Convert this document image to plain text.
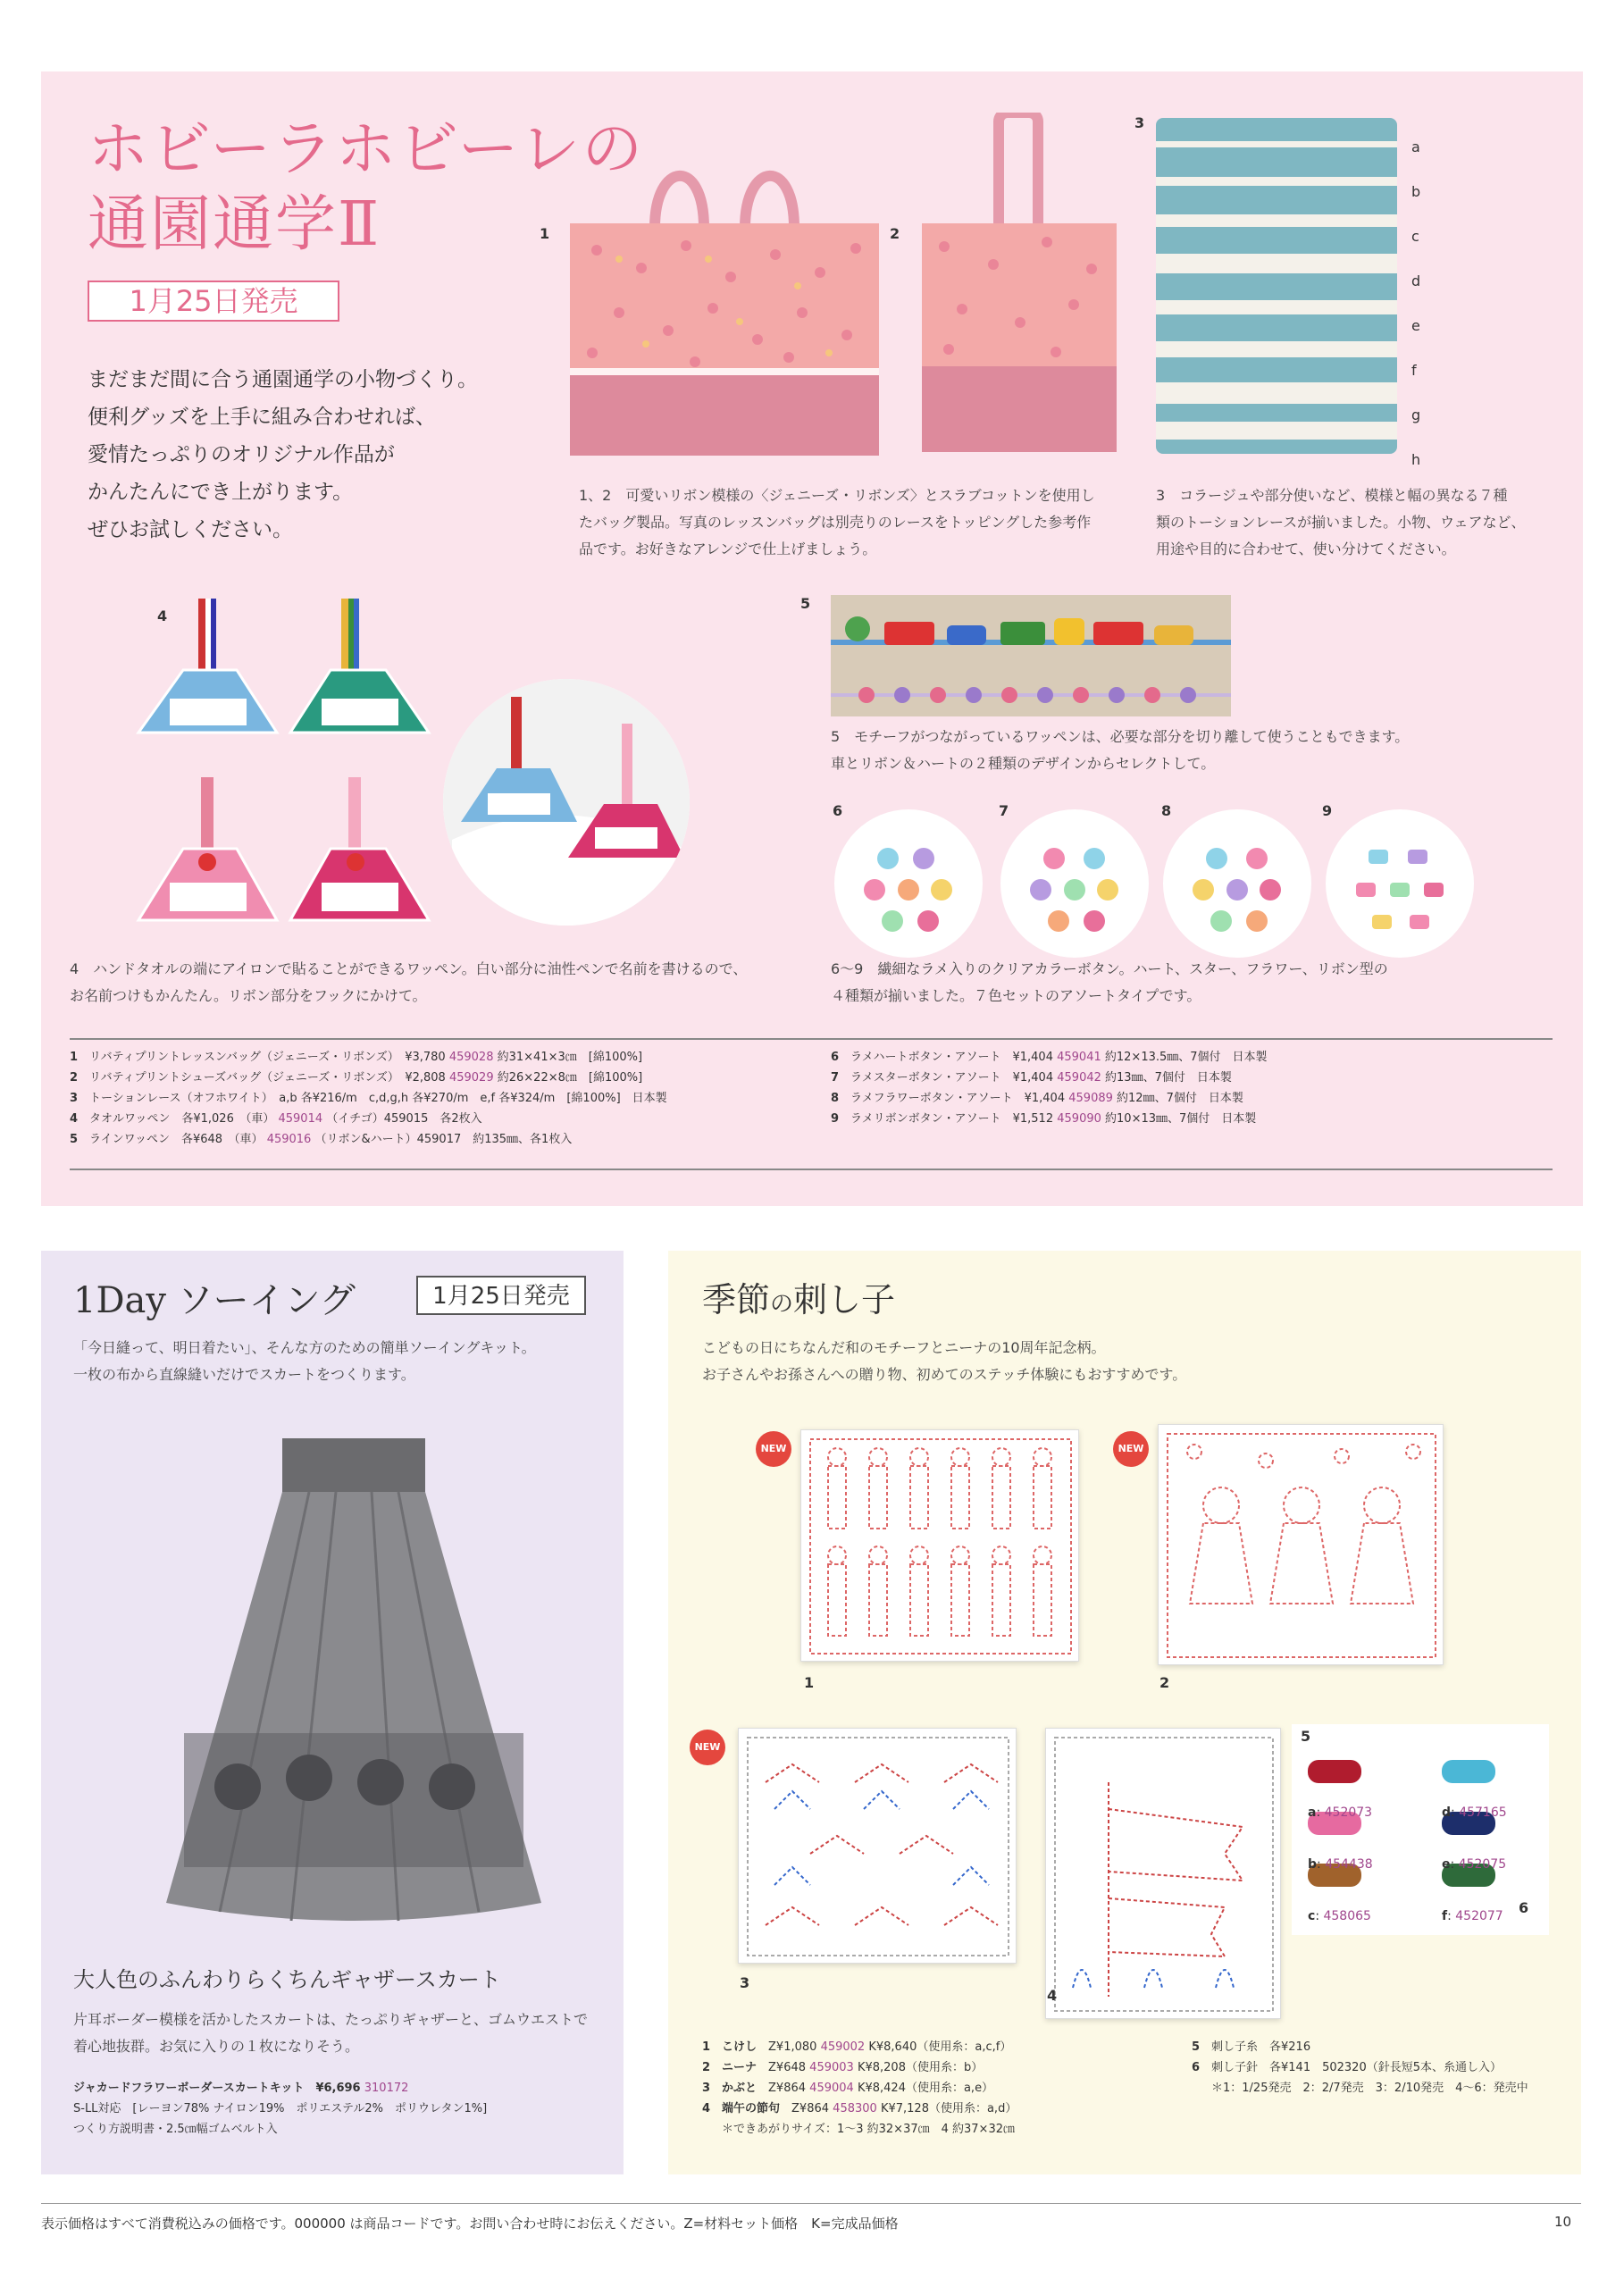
ホビーラホビーレの
通園通学Ⅱ
1月25日発売
まだまだ間に合う通園通学の小物づくり。
便利グッズを上手に組み合わせれば、
愛情たっぷりのオリジナル作品が
かんたんにでき上がります。
ぜひお試しください。
1	2
3
a
b
c
d
e
f
g
h
1、2　可愛いリボン模様の〈ジェニーズ・リボンズ〉とスラブコットンを使用し
たバッグ製品。写真のレッスンバッグは別売りのレースをトッピングした参考作
品です。お好きなアレンジで仕上げましょう。
3　コラージュや部分使いなど、模様と幅の異なる７種
類のトーションレースが揃いました。小物、ウェアなど、
用途や目的に合わせて、使い分けてください。
4
5
5　モチーフがつながっているワッペンは、必要な部分を切り離して使うこともできます。
車とリボン＆ハートの２種類のデザインからセレクトして。
6	7	8	9
4　ハンドタオルの端にアイロンで貼ることができるワッペン。白い部分に油性ペンで名前を書けるので、
お名前つけもかんたん。リボン部分をフックにかけて。
6～9　繊細なラメ入りのクリアカラーボタン。ハート、スター、フラワー、リボン型の
４種類が揃いました。７色セットのアソートタイプです。
1 リバティプリントレッスンバッグ（ジェニーズ・リボンズ）　¥3,780 459028 約31×41×3㎝　[綿100%]
2 リバティプリントシューズバッグ（ジェニーズ・リボンズ）　¥2,808 459029 約26×22×8㎝　[綿100%]
3 トーションレース（オフホワイト）　a,b 各¥216/m　c,d,g,h 各¥270/m　e,f 各¥324/m　[綿100%]　日本製
4 タオルワッペン　各¥1,026　（車） 459014 （イチゴ）459015　各2枚入
5 ラインワッペン　各¥648　（車） 459016 （リボン&ハート）459017　約135㎜、各1枚入
6 ラメハートボタン・アソート　¥1,404 459041 約12×13.5㎜、7個付　日本製
7 ラメスターボタン・アソート　¥1,404 459042 約13㎜、7個付　日本製
8 ラメフラワーボタン・アソート　¥1,404 459089 約12㎜、7個付　日本製
9 ラメリボンボタン・アソート　¥1,512 459090 約10×13㎜、7個付　日本製
1Day ソーイング	1月25日発売
「今日縫って、明日着たい」、そんな方のための簡単ソーイングキット。
一枚の布から直線縫いだけでスカートをつくります。
大人色のふんわりらくちんギャザースカート
片耳ボーダー模様を活かしたスカートは、たっぷりギャザーと、ゴムウエストで
着心地抜群。お気に入りの１枚になりそう。
ジャカードフラワーボーダースカートキット　¥6,696 310172
S-LL対応　[レーヨン78% ナイロン19%　ポリエステル2%　ポリウレタン1%]
つくり方説明書・2.5㎝幅ゴムベルト入
季節の刺し子
こどもの日にちなんだ和のモチーフとニーナの10周年記念柄。
お子さんやお孫さんへの贈り物、初めてのステッチ体験にもおすすめです。
NEW
1
NEW
2
NEW
3
4
5
6
a: 452073
b: 454438
c: 458065
d: 457165
e: 452075
f: 452077
1 こけし　 Z¥1,080 459002 K¥8,640（使用糸：a,c,f）
2 ニーナ　 Z¥648 459003 K¥8,208（使用糸：b）
3 かぶと　 Z¥864 459004 K¥8,424（使用糸：a,e）
4 端午の節句　 Z¥864 458300 K¥7,128（使用糸：a,d）
＊できあがりサイズ：1～3 約32×37㎝　4 約37×32㎝
5 刺し子糸　各¥216
6 刺し子針　各¥141　502320（針長短5本、糸通し入）
＊1：1/25発売　2：2/7発売　3：2/10発売　4～6：発売中
表示価格はすべて消費税込みの価格です。000000 は商品コードです。お問い合わせ時にお伝えください。Z=材料セット価格　K=完成品価格	10
